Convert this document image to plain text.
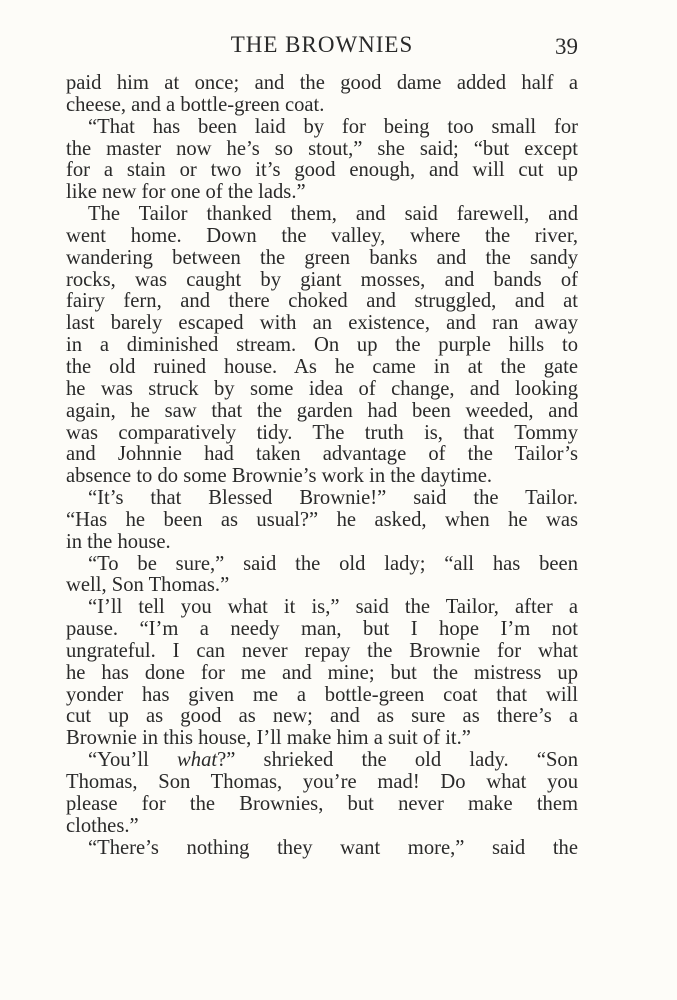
THE BROWNIES	39
paid him at once; and the good dame added half a
cheese, and a bottle-green coat.
“That has been laid by for being too small for
the master now he’s so stout,” she said; “but except
for a stain or two it’s good enough, and will cut up
like new for one of the lads.”
The Tailor thanked them, and said farewell, and
went home. Down the valley, where the river,
wandering between the green banks and the sandy
rocks, was caught by giant mosses, and bands of
fairy fern, and there choked and struggled, and at
last barely escaped with an existence, and ran away
in a diminished stream. On up the purple hills to
the old ruined house. As he came in at the gate
he was struck by some idea of change, and looking
again, he saw that the garden had been weeded, and
was comparatively tidy. The truth is, that Tommy
and Johnnie had taken advantage of the Tailor’s
absence to do some Brownie’s work in the daytime.
“It’s that Blessed Brownie!” said the Tailor.
“Has he been as usual?” he asked, when he was
in the house.
“To be sure,” said the old lady; “all has been
well, Son Thomas.”
“I’ll tell you what it is,” said the Tailor, after a
pause. “I’m a needy man, but I hope I’m not
ungrateful. I can never repay the Brownie for what
he has done for me and mine; but the mistress up
yonder has given me a bottle-green coat that will
cut up as good as new; and as sure as there’s a
Brownie in this house, I’ll make him a suit of it.”
“You’ll what?” shrieked the old lady. “Son
Thomas, Son Thomas, you’re mad! Do what you
please for the Brownies, but never make them
clothes.”
“There’s nothing they want more,” said the
